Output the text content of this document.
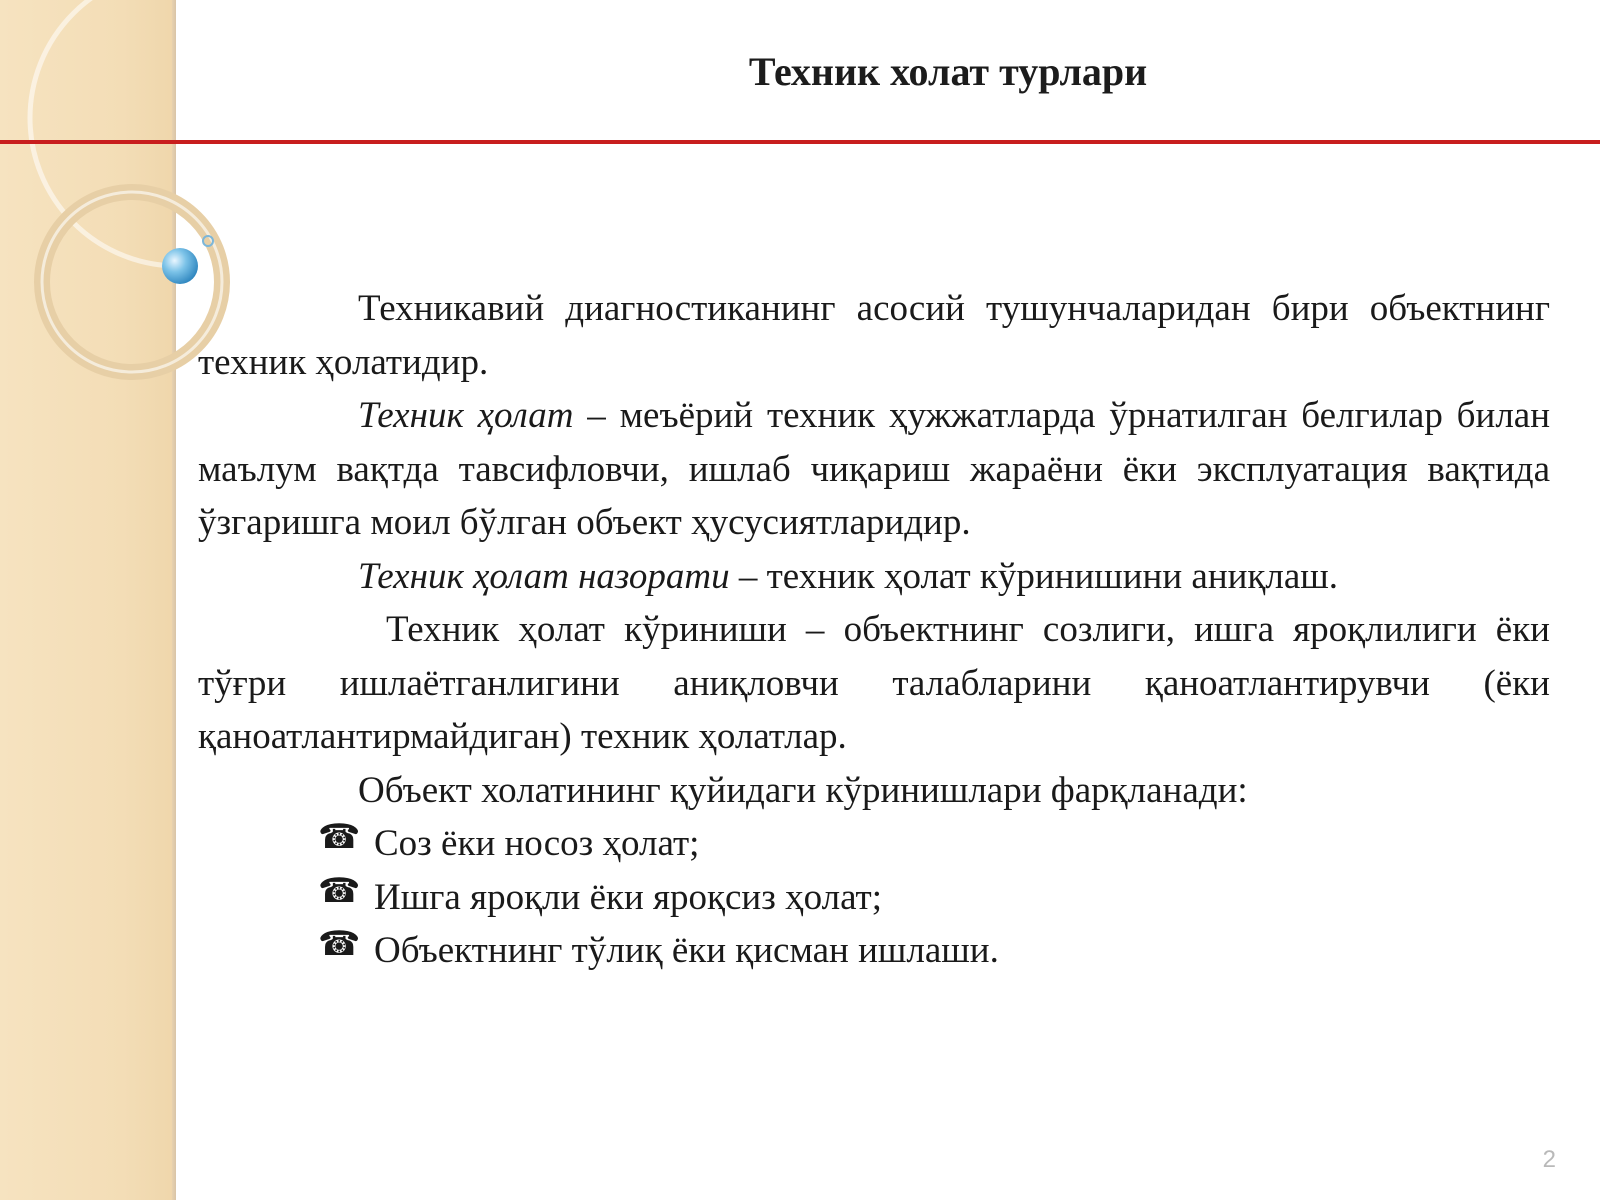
Техник холат турлари

Техникавий диагностиканинг асосий тушунчаларидан бири объектнинг техник ҳолатидир.

Техник ҳолат – меъёрий техник ҳужжатларда ўрнатилган белгилар билан маълум вақтда тавсифловчи, ишлаб чиқариш жараёни ёки эксплуатация вақтида ўзгаришга моил бўлган объект ҳусусиятларидир.

Техник ҳолат назорати – техник ҳолат кўринишини аниқлаш.

Техник ҳолат кўриниши – объектнинг созлиги, ишга яроқлилиги ёки тўғри ишлаётганлигини аниқловчи талабларини қаноатлантирувчи (ёки қаноатлантирмайдиган) техник ҳолатлар.

Объект холатининг қуйидаги кўринишлари фарқланади:

☎ Соз ёки носоз ҳолат;
☎ Ишга яроқли ёки яроқсиз ҳолат;
☎ Объектнинг тўлиқ ёки қисман ишлаши.
2
